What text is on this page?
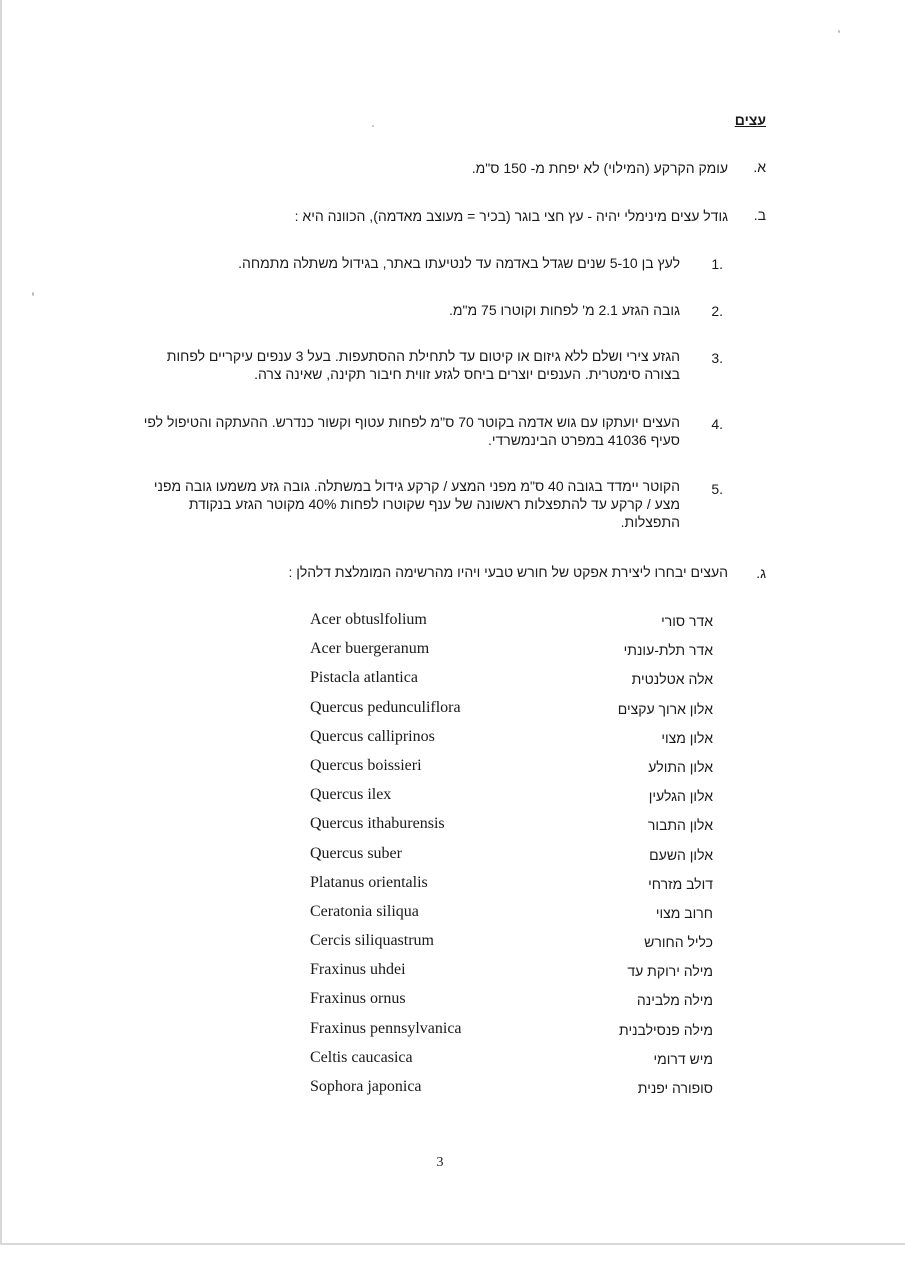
עצים
א.
עומק הקרקע (המילוי) לא יפחת מ- 150 ס"מ.
ב.
גודל עצים מינימלי יהיה - עץ חצי בוגר (בכיר = מעוצב מאדמה), הכוונה היא :
.1
לעץ בן 5-10 שנים שגדל באדמה עד לנטיעתו באתר, בגידול משתלה מתמחה.
.2
גובה הגזע 2.1 מ' לפחות וקוטרו 75 מ"מ.
.3
הגזע צירי ושלם ללא גיזום או קיטום עד לתחילת ההסתעפות. בעל 3 ענפים עיקריים לפחות בצורה סימטרית. הענפים יוצרים ביחס לגזע זווית חיבור תקינה, שאינה צרה.
.4
העצים יועתקו עם גוש אדמה בקוטר 70 ס"מ לפחות עטוף וקשור כנדרש. ההעתקה והטיפול לפי סעיף 41036 במפרט הבינמשרדי.
.5
הקוטר יימדד בגובה 40 ס"מ מפני המצע / קרקע גידול במשתלה. גובה גזע משמעו גובה מפני מצע / קרקע עד להתפצלות ראשונה של ענף שקוטרו לפחות 40% מקוטר הגזע בנקודת התפצלות.
ג.
העצים יבחרו ליצירת אפקט של חורש טבעי ויהיו מהרשימה המומלצת דלהלן :
Acer obtuslfolium	אדר סורי
Acer buergeranum	אדר תלת-עונתי
Pistacla atlantica	אלה אטלנטית
Quercus pedunculiflora	אלון ארוך עקצים
Quercus calliprinos	אלון מצוי
Quercus boissieri	אלון התולע
Quercus ilex	אלון הגלעין
Quercus ithaburensis	אלון התבור
Quercus suber	אלון השעם
Platanus orientalis	דולב מזרחי
Ceratonia siliqua	חרוב מצוי
Cercis siliquastrum	כליל החורש
Fraxinus uhdei	מילה ירוקת עד
Fraxinus ornus	מילה מלבינה
Fraxinus pennsylvanica	מילה פנסילבנית
Celtis caucasica	מיש דרומי
Sophora japonica	סופורה יפנית
3
